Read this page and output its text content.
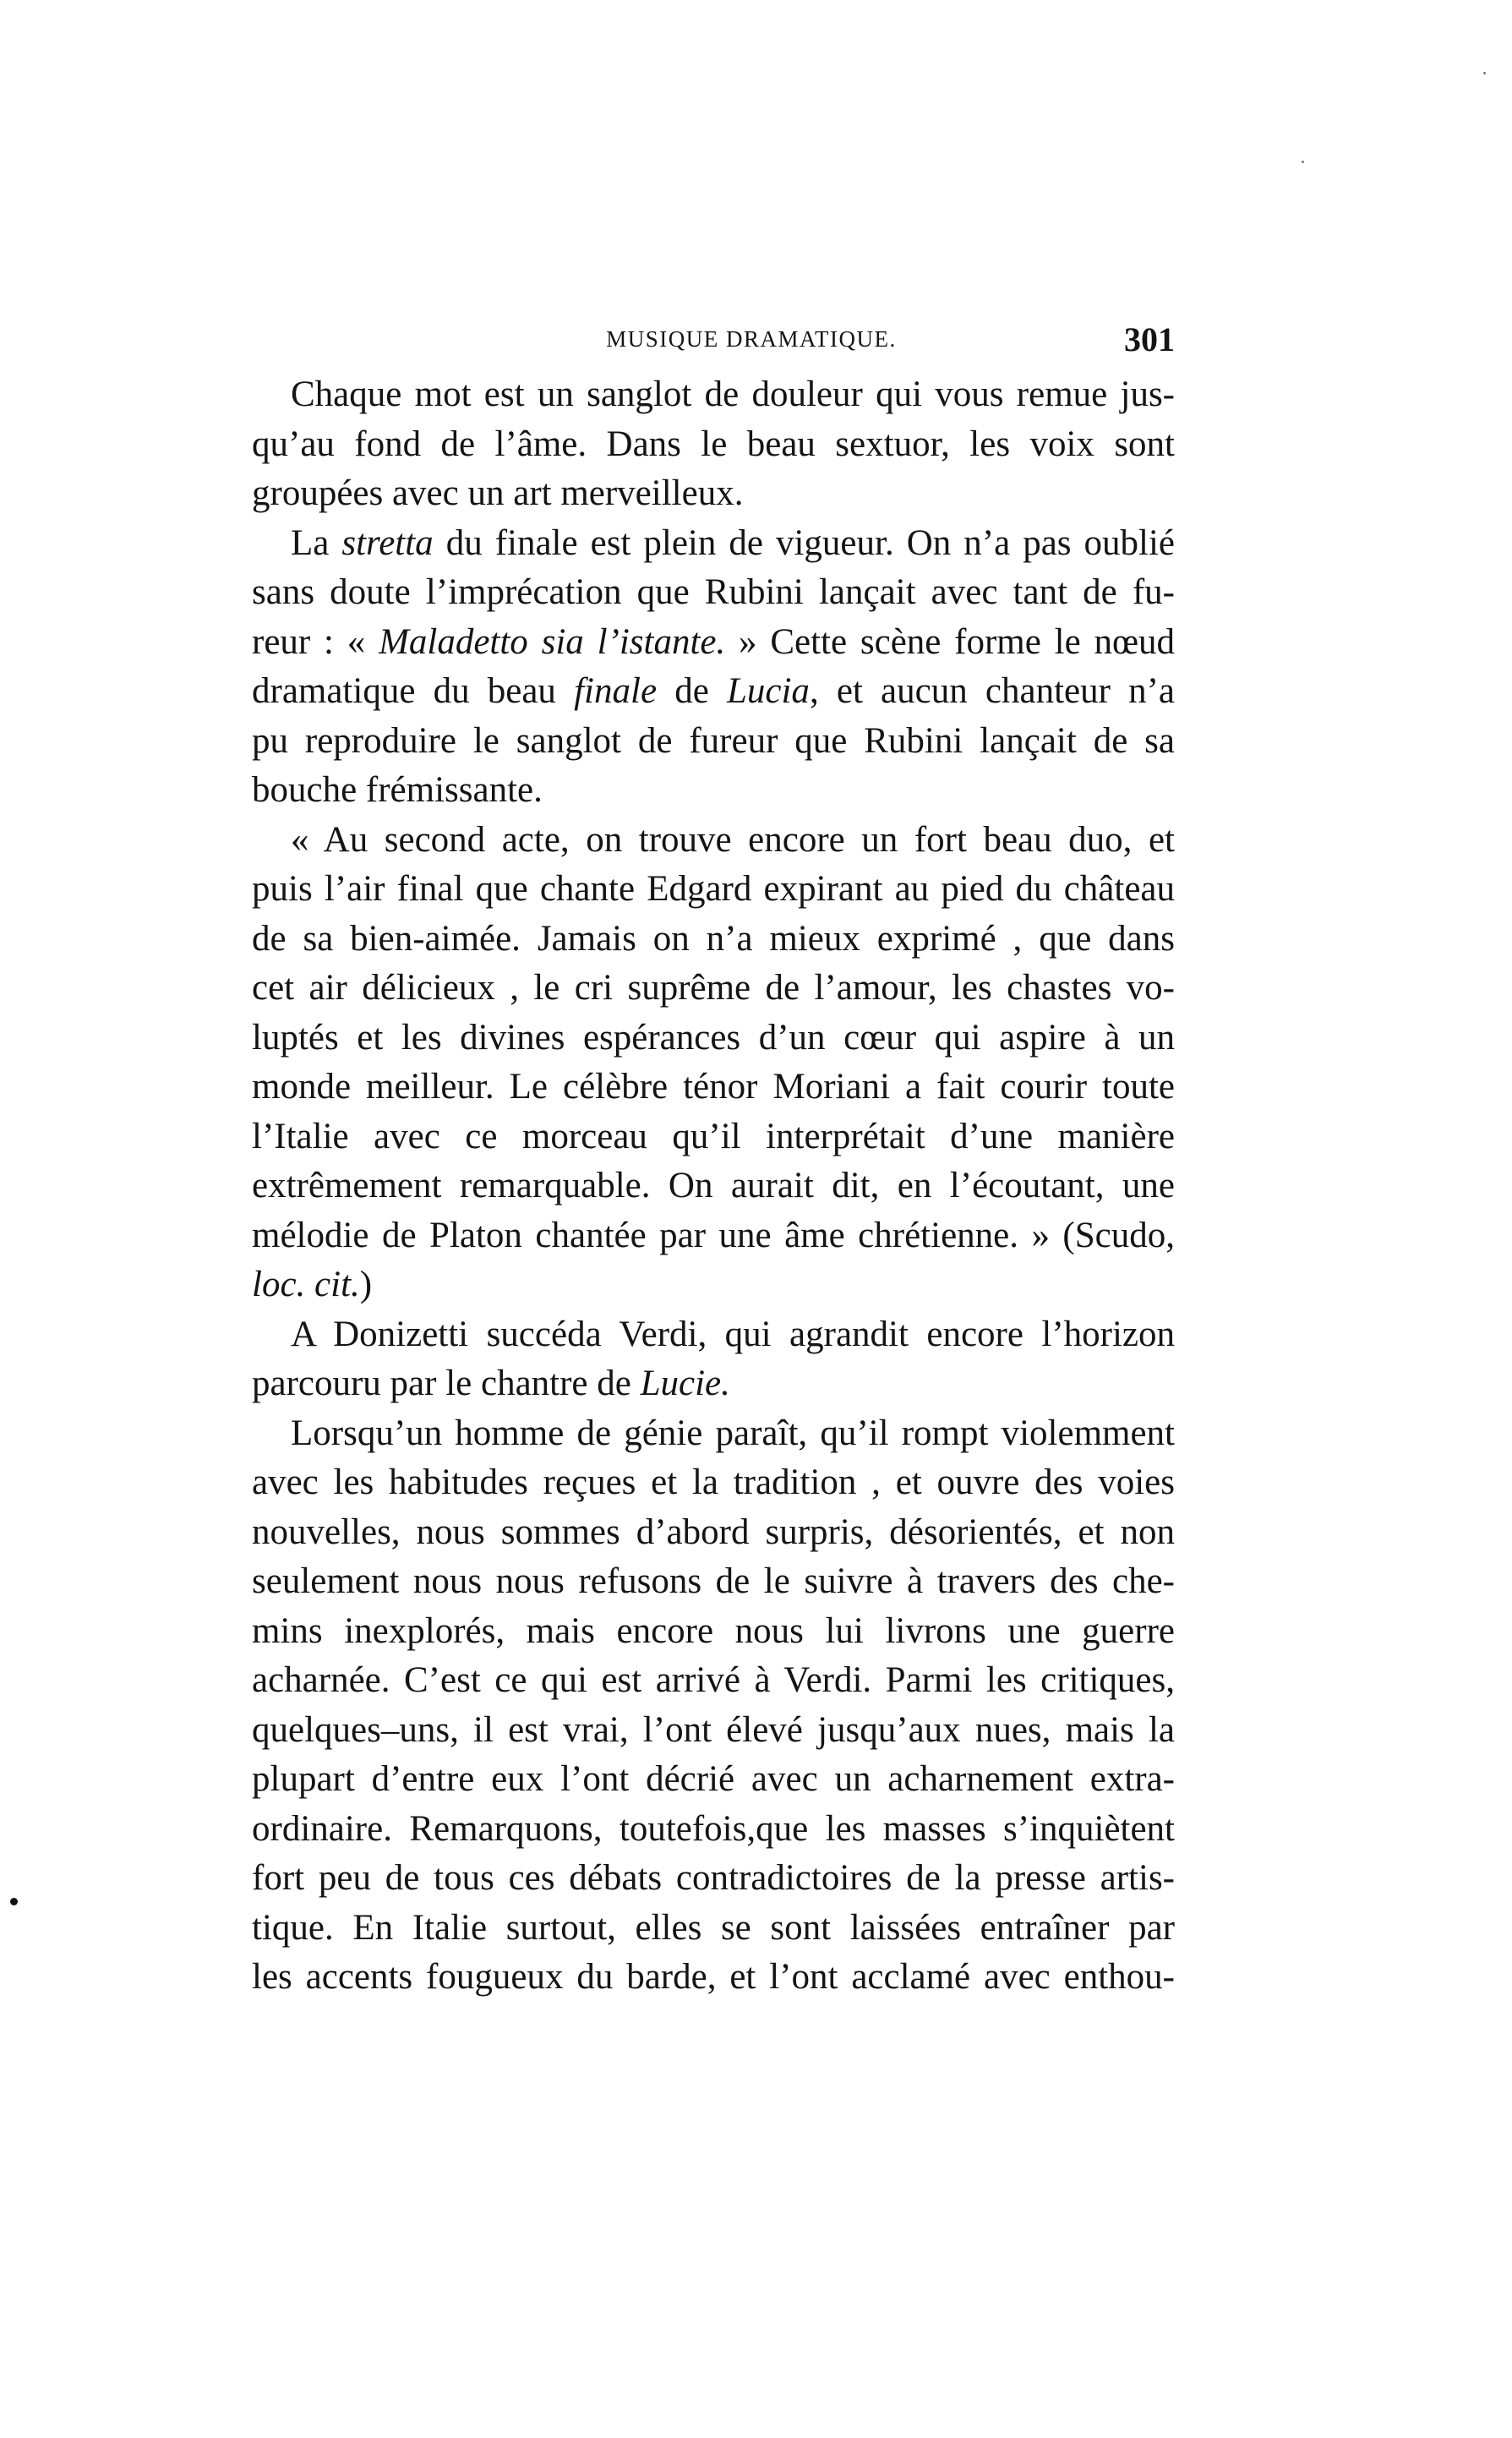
MUSIQUE DRAMATIQUE.	301
Chaque mot est un sanglot de douleur qui vous remue jus-
qu’au fond de l’âme. Dans le beau sextuor, les voix sont
groupées avec un art merveilleux.
La stretta du finale est plein de vigueur. On n’a pas oublié
sans doute l’imprécation que Rubini lançait avec tant de fu-
reur : « Maladetto sia l’istante. » Cette scène forme le nœud
dramatique du beau finale de Lucia, et aucun chanteur n’a
pu reproduire le sanglot de fureur que Rubini lançait de sa
bouche frémissante.
« Au second acte, on trouve encore un fort beau duo, et
puis l’air final que chante Edgard expirant au pied du château
de sa bien-aimée. Jamais on n’a mieux exprimé , que dans
cet air délicieux , le cri suprême de l’amour, les chastes vo-
luptés et les divines espérances d’un cœur qui aspire à un
monde meilleur. Le célèbre ténor Moriani a fait courir toute
l’Italie avec ce morceau qu’il interprétait d’une manière
extrêmement remarquable. On aurait dit, en l’écoutant, une
mélodie de Platon chantée par une âme chrétienne. » (Scudo,
loc. cit.)
A Donizetti succéda Verdi, qui agrandit encore l’horizon
parcouru par le chantre de Lucie.
Lorsqu’un homme de génie paraît, qu’il rompt violemment
avec les habitudes reçues et la tradition , et ouvre des voies
nouvelles, nous sommes d’abord surpris, désorientés, et non
seulement nous nous refusons de le suivre à travers des che-
mins inexplorés, mais encore nous lui livrons une guerre
acharnée. C’est ce qui est arrivé à Verdi. Parmi les critiques,
quelques–uns, il est vrai, l’ont élevé jusqu’aux nues, mais la
plupart d’entre eux l’ont décrié avec un acharnement extra-
ordinaire. Remarquons, toutefois,que les masses s’inquiètent
fort peu de tous ces débats contradictoires de la presse artis-
tique. En Italie surtout, elles se sont laissées entraîner par
les accents fougueux du barde, et l’ont acclamé avec enthou-
